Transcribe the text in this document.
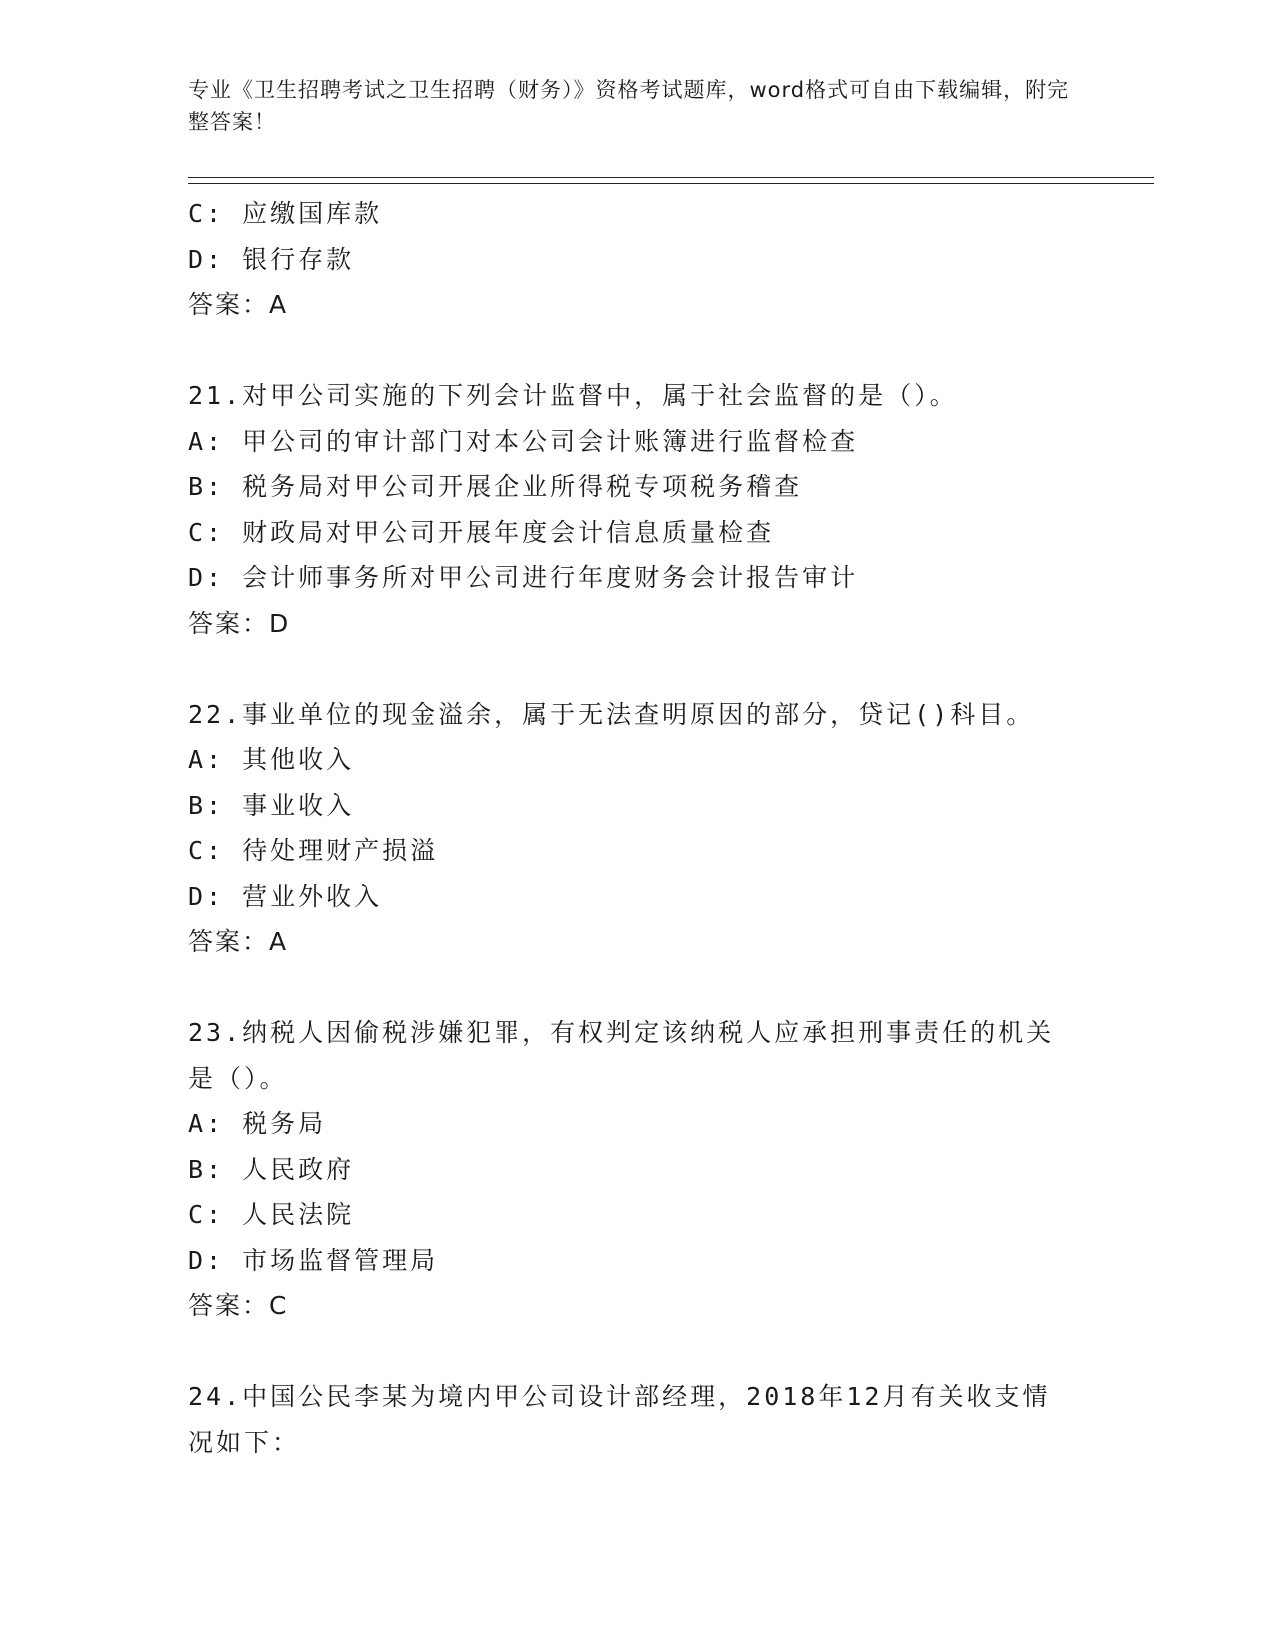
专业《卫生招聘考试之卫生招聘（财务）》资格考试题库，word格式可自由下载编辑，附完整答案！
C: 应缴国库款
D: 银行存款
答案：A
21.对甲公司实施的下列会计监督中，属于社会监督的是（）。
A: 甲公司的审计部门对本公司会计账簿进行监督检查
B: 税务局对甲公司开展企业所得税专项税务稽查
C: 财政局对甲公司开展年度会计信息质量检查
D: 会计师事务所对甲公司进行年度财务会计报告审计
答案：D
22.事业单位的现金溢余，属于无法查明原因的部分，贷记()科目。
A: 其他收入
B: 事业收入
C: 待处理财产损溢
D: 营业外收入
答案：A
23.纳税人因偷税涉嫌犯罪，有权判定该纳税人应承担刑事责任的机关是（）。
A: 税务局
B: 人民政府
C: 人民法院
D: 市场监督管理局
答案：C
24.中国公民李某为境内甲公司设计部经理，2018年12月有关收支情况如下：
